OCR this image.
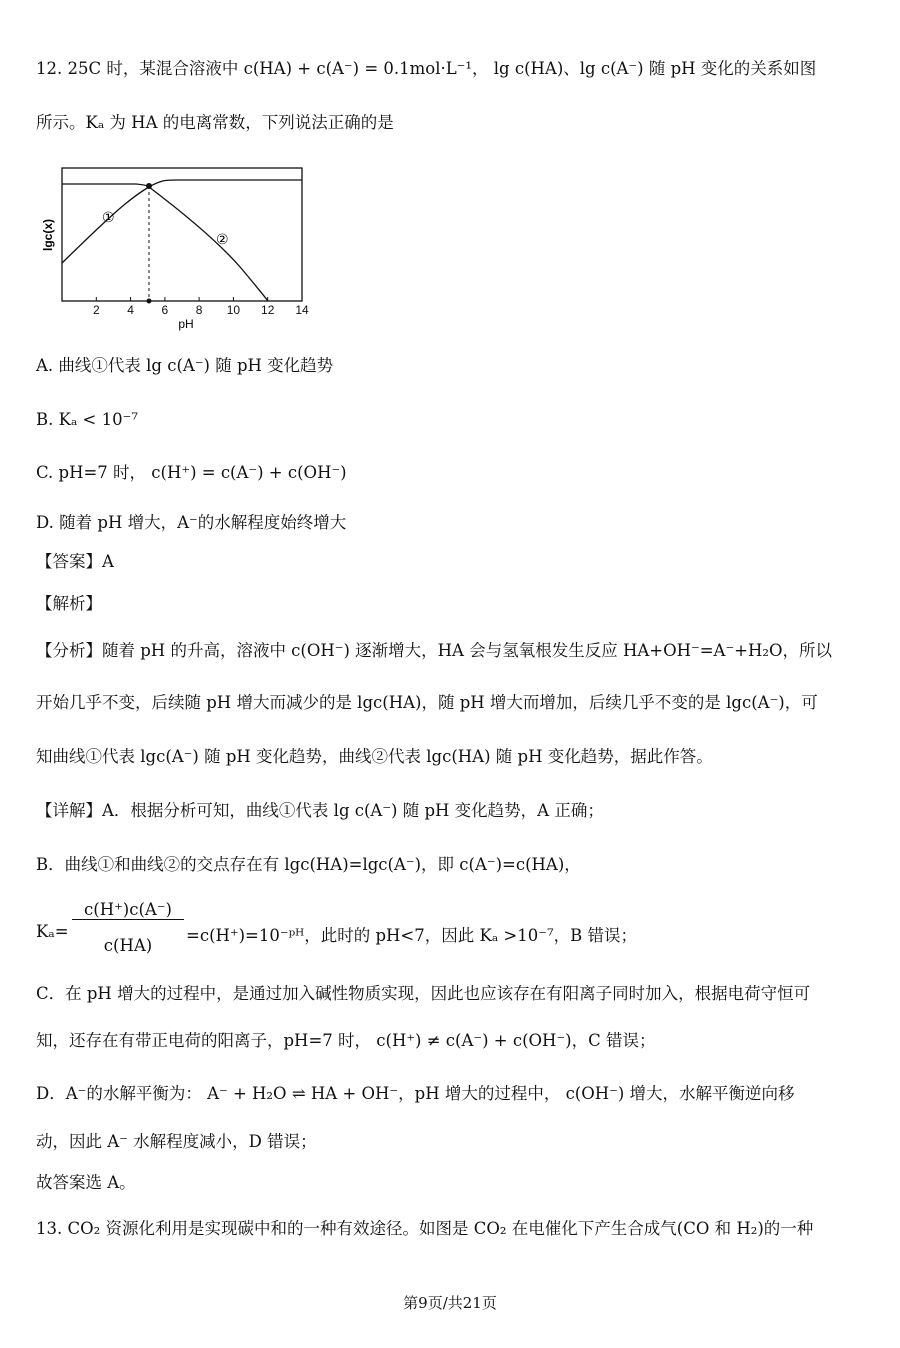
12. 25C 时，某混合溶液中 c(HA) + c(A⁻) = 0.1mol·L⁻¹， lg c(HA)、lg c(A⁻) 随 pH 变化的关系如图
所示。Kₐ 为 HA 的电离常数，下列说法正确的是
2 4 6 8 10 12 14
pH
lgc(x)
①
②
A. 曲线①代表 lg c(A⁻) 随 pH 变化趋势
B. Kₐ < 10⁻⁷
C. pH=7 时， c(H⁺) = c(A⁻) + c(OH⁻)
D. 随着 pH 增大，A⁻的水解程度始终增大
【答案】A
【解析】
【分析】随着 pH 的升高，溶液中 c(OH⁻) 逐渐增大，HA 会与氢氧根发生反应 HA+OH⁻=A⁻+H₂O，所以
开始几乎不变，后续随 pH 增大而减少的是 lgc(HA)，随 pH 增大而增加，后续几乎不变的是 lgc(A⁻)，可
知曲线①代表 lgc(A⁻) 随 pH 变化趋势，曲线②代表 lgc(HA) 随 pH 变化趋势，据此作答。
【详解】A．根据分析可知，曲线①代表 lg c(A⁻) 随 pH 变化趋势，A 正确；
B．曲线①和曲线②的交点存在有 lgc(HA)=lgc(A⁻)，即 c(A⁻)=c(HA)，
Kₐ=
c(H⁺)c(A⁻)
c(HA)
=c(H⁺)=10⁻ᵖᴴ，此时的 pH<7，因此 Kₐ >10⁻⁷，B 错误；
C．在 pH 增大的过程中，是通过加入碱性物质实现，因此也应该存在有阳离子同时加入，根据电荷守恒可
知，还存在有带正电荷的阳离子，pH=7 时， c(H⁺) ≠ c(A⁻) + c(OH⁻)，C 错误；
D．A⁻的水解平衡为： A⁻ + H₂O ⇌ HA + OH⁻，pH 增大的过程中， c(OH⁻) 增大，水解平衡逆向移
动，因此 A⁻ 水解程度减小，D 错误；
故答案选 A。
13. CO₂ 资源化利用是实现碳中和的一种有效途径。如图是 CO₂ 在电催化下产生合成气(CO 和 H₂)的一种
第9页/共21页
